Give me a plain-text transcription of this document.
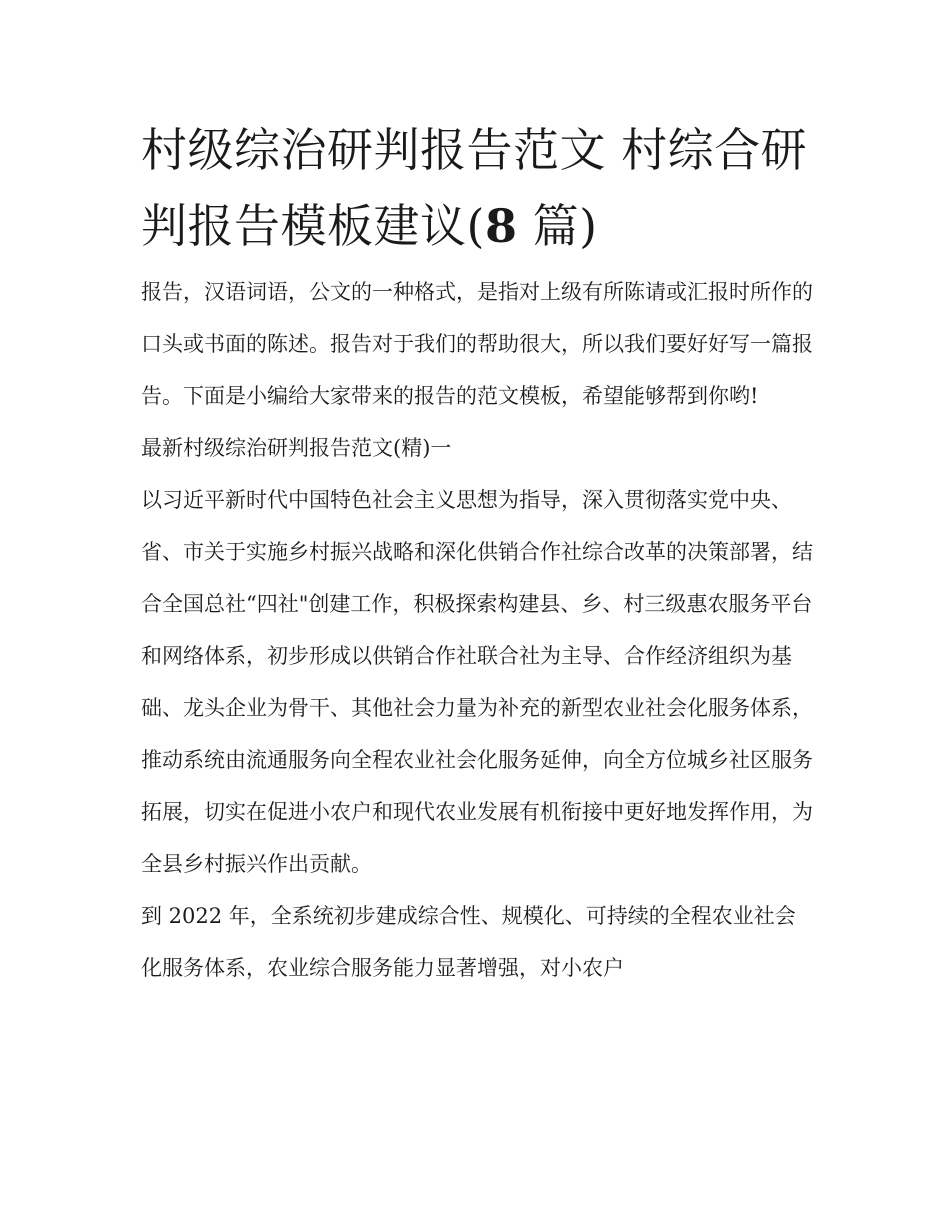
村级综治研判报告范文 村综合研判报告模板建议(8 篇)

报告，汉语词语，公文的一种格式，是指对上级有所陈请或汇报时所作的口头或书面的陈述。报告对于我们的帮助很大，所以我们要好好写一篇报告。下面是小编给大家带来的报告的范文模板，希望能够帮到你哟!

最新村级综治研判报告范文(精)一

以习近平新时代中国特色社会主义思想为指导，深入贯彻落实党中央、省、市关于实施乡村振兴战略和深化供销合作社综合改革的决策部署，结合全国总社“四社"创建工作，积极探索构建县、乡、村三级惠农服务平台和网络体系，初步形成以供销合作社联合社为主导、合作经济组织为基础、龙头企业为骨干、其他社会力量为补充的新型农业社会化服务体系，推动系统由流通服务向全程农业社会化服务延伸，向全方位城乡社区服务拓展，切实在促进小农户和现代农业发展有机衔接中更好地发挥作用，为全县乡村振兴作出贡献。

到 2022 年，全系统初步建成综合性、规模化、可持续的全程农业社会化服务体系，农业综合服务能力显著增强，对小农户
